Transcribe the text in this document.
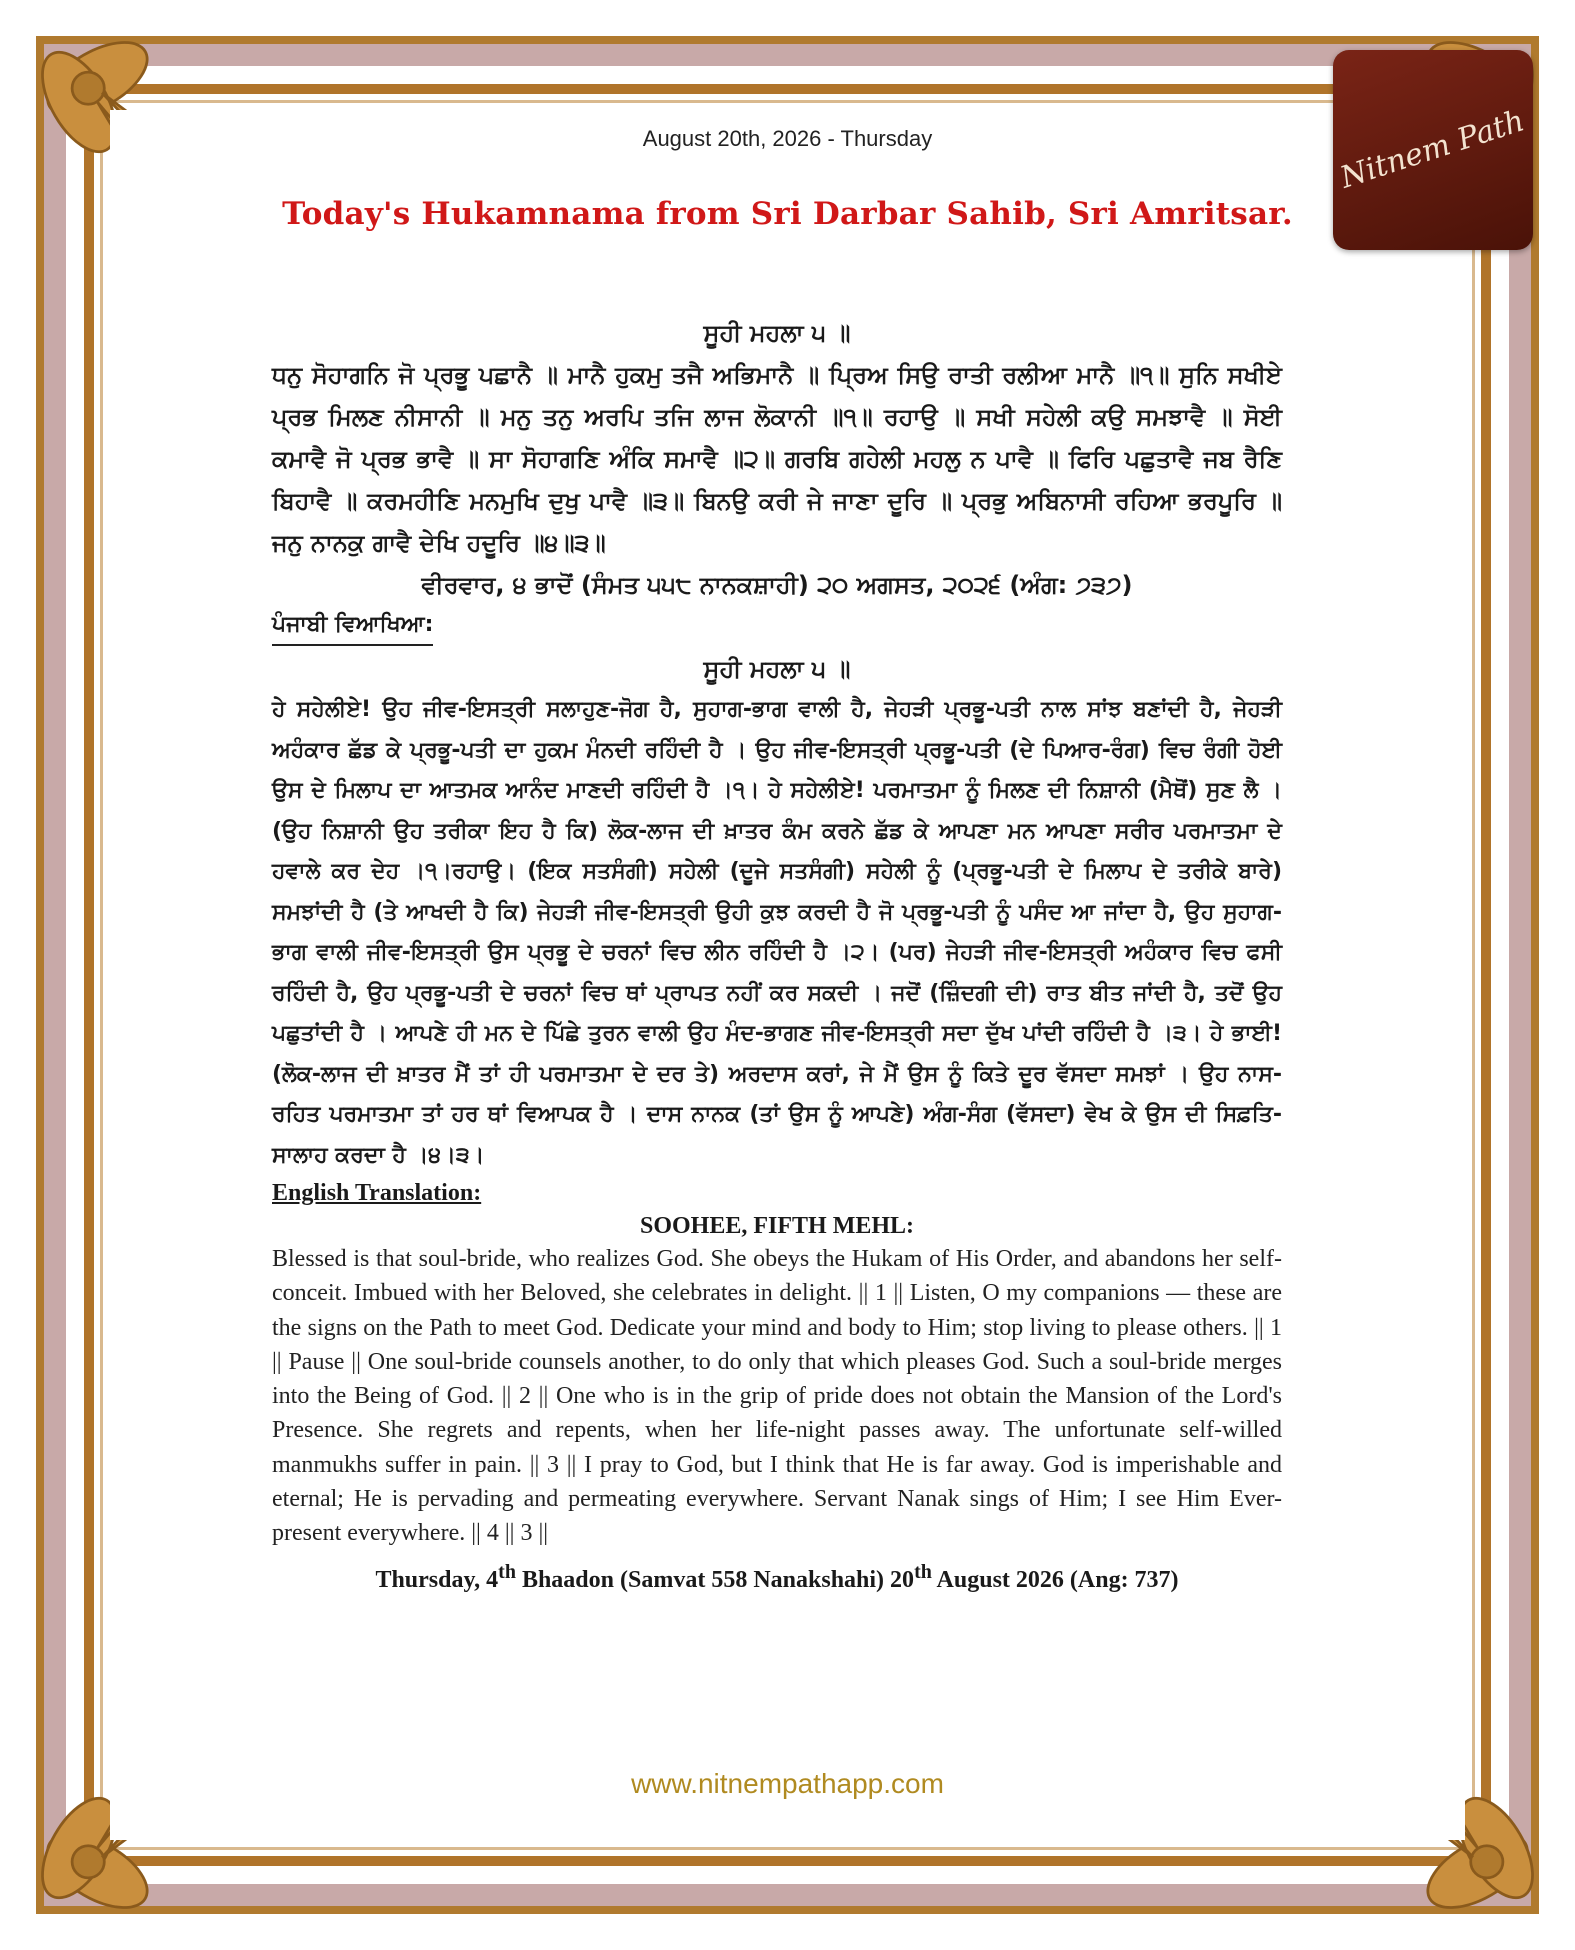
Nitnem Path
August 20th, 2026 - Thursday
Today's Hukamnama from Sri Darbar Sahib, Sri Amritsar.
ਸੂਹੀ ਮਹਲਾ ੫ ॥
ਧਨੁ ਸੋਹਾਗਨਿ ਜੋ ਪ੍ਰਭੂ ਪਛਾਨੈ ॥ ਮਾਨੈ ਹੁਕਮੁ ਤਜੈ ਅਭਿਮਾਨੈ ॥ ਪ੍ਰਿਅ ਸਿਉ ਰਾਤੀ ਰਲੀਆ ਮਾਨੈ ॥੧॥ ਸੁਨਿ ਸਖੀਏ ਪ੍ਰਭ ਮਿਲਣ ਨੀਸਾਨੀ ॥ ਮਨੁ ਤਨੁ ਅਰਪਿ ਤਜਿ ਲਾਜ ਲੋਕਾਨੀ ॥੧॥ ਰਹਾਉ ॥ ਸਖੀ ਸਹੇਲੀ ਕਉ ਸਮਝਾਵੈ ॥ ਸੋਈ ਕਮਾਵੈ ਜੋ ਪ੍ਰਭ ਭਾਵੈ ॥ ਸਾ ਸੋਹਾਗਣਿ ਅੰਕਿ ਸਮਾਵੈ ॥੨॥ ਗਰਬਿ ਗਹੇਲੀ ਮਹਲੁ ਨ ਪਾਵੈ ॥ ਫਿਰਿ ਪਛੁਤਾਵੈ ਜਬ ਰੈਣਿ ਬਿਹਾਵੈ ॥ ਕਰਮਹੀਣਿ ਮਨਮੁਖਿ ਦੁਖੁ ਪਾਵੈ ॥੩॥ ਬਿਨਉ ਕਰੀ ਜੇ ਜਾਣਾ ਦੂਰਿ ॥ ਪ੍ਰਭੁ ਅਬਿਨਾਸੀ ਰਹਿਆ ਭਰਪੂਰਿ ॥ ਜਨੁ ਨਾਨਕੁ ਗਾਵੈ ਦੇਖਿ ਹਦੂਰਿ ॥੪॥੩॥
ਵੀਰਵਾਰ, ੪ ਭਾਦੋਂ (ਸੰਮਤ ੫੫੮ ਨਾਨਕਸ਼ਾਹੀ) ੨੦ ਅਗਸਤ, ੨੦੨੬ (ਅੰਗ: ੭੩੭)
ਪੰਜਾਬੀ ਵਿਆਖਿਆ:
ਸੂਹੀ ਮਹਲਾ ੫ ॥
ਹੇ ਸਹੇਲੀਏ! ਉਹ ਜੀਵ-ਇਸਤ੍ਰੀ ਸਲਾਹੁਣ-ਜੋਗ ਹੈ, ਸੁਹਾਗ-ਭਾਗ ਵਾਲੀ ਹੈ, ਜੇਹੜੀ ਪ੍ਰਭੂ-ਪਤੀ ਨਾਲ ਸਾਂਝ ਬਣਾਂਦੀ ਹੈ, ਜੇਹੜੀ ਅਹੰਕਾਰ ਛੱਡ ਕੇ ਪ੍ਰਭੂ-ਪਤੀ ਦਾ ਹੁਕਮ ਮੰਨਦੀ ਰਹਿੰਦੀ ਹੈ । ਉਹ ਜੀਵ-ਇਸਤ੍ਰੀ ਪ੍ਰਭੂ-ਪਤੀ (ਦੇ ਪਿਆਰ-ਰੰਗ) ਵਿਚ ਰੰਗੀ ਹੋਈ ਉਸ ਦੇ ਮਿਲਾਪ ਦਾ ਆਤਮਕ ਆਨੰਦ ਮਾਣਦੀ ਰਹਿੰਦੀ ਹੈ ।੧। ਹੇ ਸਹੇਲੀਏ! ਪਰਮਾਤਮਾ ਨੂੰ ਮਿਲਣ ਦੀ ਨਿਸ਼ਾਨੀ (ਮੈਥੋਂ) ਸੁਣ ਲੈ । (ਉਹ ਨਿਸ਼ਾਨੀ ਉਹ ਤਰੀਕਾ ਇਹ ਹੈ ਕਿ) ਲੋਕ-ਲਾਜ ਦੀ ਖ਼ਾਤਰ ਕੰਮ ਕਰਨੇ ਛੱਡ ਕੇ ਆਪਣਾ ਮਨ ਆਪਣਾ ਸਰੀਰ ਪਰਮਾਤਮਾ ਦੇ ਹਵਾਲੇ ਕਰ ਦੇਹ ।੧।ਰਹਾਉ। (ਇਕ ਸਤਸੰਗੀ) ਸਹੇਲੀ (ਦੂਜੇ ਸਤਸੰਗੀ) ਸਹੇਲੀ ਨੂੰ (ਪ੍ਰਭੂ-ਪਤੀ ਦੇ ਮਿਲਾਪ ਦੇ ਤਰੀਕੇ ਬਾਰੇ) ਸਮਝਾਂਦੀ ਹੈ (ਤੇ ਆਖਦੀ ਹੈ ਕਿ) ਜੇਹੜੀ ਜੀਵ-ਇਸਤ੍ਰੀ ਉਹੀ ਕੁਝ ਕਰਦੀ ਹੈ ਜੋ ਪ੍ਰਭੂ-ਪਤੀ ਨੂੰ ਪਸੰਦ ਆ ਜਾਂਦਾ ਹੈ, ਉਹ ਸੁਹਾਗ-ਭਾਗ ਵਾਲੀ ਜੀਵ-ਇਸਤ੍ਰੀ ਉਸ ਪ੍ਰਭੂ ਦੇ ਚਰਨਾਂ ਵਿਚ ਲੀਨ ਰਹਿੰਦੀ ਹੈ ।੨। (ਪਰ) ਜੇਹੜੀ ਜੀਵ-ਇਸਤ੍ਰੀ ਅਹੰਕਾਰ ਵਿਚ ਫਸੀ ਰਹਿੰਦੀ ਹੈ, ਉਹ ਪ੍ਰਭੂ-ਪਤੀ ਦੇ ਚਰਨਾਂ ਵਿਚ ਥਾਂ ਪ੍ਰਾਪਤ ਨਹੀਂ ਕਰ ਸਕਦੀ । ਜਦੋਂ (ਜ਼ਿੰਦਗੀ ਦੀ) ਰਾਤ ਬੀਤ ਜਾਂਦੀ ਹੈ, ਤਦੋਂ ਉਹ ਪਛੁਤਾਂਦੀ ਹੈ । ਆਪਣੇ ਹੀ ਮਨ ਦੇ ਪਿੱਛੇ ਤੁਰਨ ਵਾਲੀ ਉਹ ਮੰਦ-ਭਾਗਣ ਜੀਵ-ਇਸਤ੍ਰੀ ਸਦਾ ਦੁੱਖ ਪਾਂਦੀ ਰਹਿੰਦੀ ਹੈ ।੩। ਹੇ ਭਾਈ! (ਲੋਕ-ਲਾਜ ਦੀ ਖ਼ਾਤਰ ਮੈਂ ਤਾਂ ਹੀ ਪਰਮਾਤਮਾ ਦੇ ਦਰ ਤੇ) ਅਰਦਾਸ ਕਰਾਂ, ਜੇ ਮੈਂ ਉਸ ਨੂੰ ਕਿਤੇ ਦੂਰ ਵੱਸਦਾ ਸਮਝਾਂ । ਉਹ ਨਾਸ-ਰਹਿਤ ਪਰਮਾਤਮਾ ਤਾਂ ਹਰ ਥਾਂ ਵਿਆਪਕ ਹੈ । ਦਾਸ ਨਾਨਕ (ਤਾਂ ਉਸ ਨੂੰ ਆਪਣੇ) ਅੰਗ-ਸੰਗ (ਵੱਸਦਾ) ਵੇਖ ਕੇ ਉਸ ਦੀ ਸਿਫ਼ਤਿ-ਸਾਲਾਹ ਕਰਦਾ ਹੈ ।੪।੩।
English Translation:
SOOHEE, FIFTH MEHL:
Blessed is that soul-bride, who realizes God. She obeys the Hukam of His Order, and abandons her self-conceit. Imbued with her Beloved, she celebrates in delight. || 1 || Listen, O my companions — these are the signs on the Path to meet God. Dedicate your mind and body to Him; stop living to please others. || 1 || Pause || One soul-bride counsels another, to do only that which pleases God. Such a soul-bride merges into the Being of God. || 2 || One who is in the grip of pride does not obtain the Mansion of the Lord's Presence. She regrets and repents, when her life-night passes away. The unfortunate self-willed manmukhs suffer in pain. || 3 || I pray to God, but I think that He is far away. God is imperishable and eternal; He is pervading and permeating everywhere. Servant Nanak sings of Him; I see Him Ever-present everywhere. || 4 || 3 ||
Thursday, 4th Bhaadon (Samvat 558 Nanakshahi) 20th August 2026 (Ang: 737)
www.nitnempathapp.com
